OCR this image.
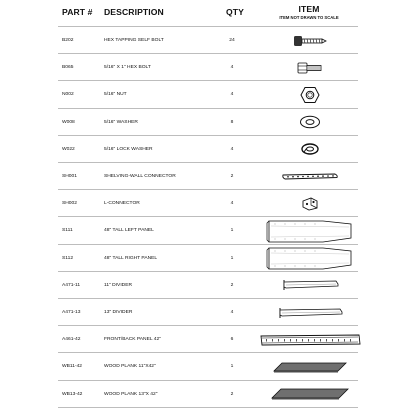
PART # DESCRIPTION	QTY	ITEM
ITEM NOT DRAWN TO SCALE
B202	HEX TAPPING SELF BOLT	24
B065	5/16" X 1" HEX BOLT	4
N002	5/16" NUT	4
W008	5/16" WASHER	8
W022	5/16" LOCK WASHER	4
SH001	SHELVING-WALL CONNECTOR	2
SH002	L-CONNECTOR	4
S111	48" TALL LEFT PANEL	1
S112	48" TALL RIGHT PANEL	1
A471-11	11" DIVIDER	2
A471-13	13" DIVIDER	4
A461-42	FRONT/BACK PANEL 42"	6
WB11-42	WOOD PLANK 11"X42"	1
WB13-42	WOOD PLANK 13"X 42"	2
